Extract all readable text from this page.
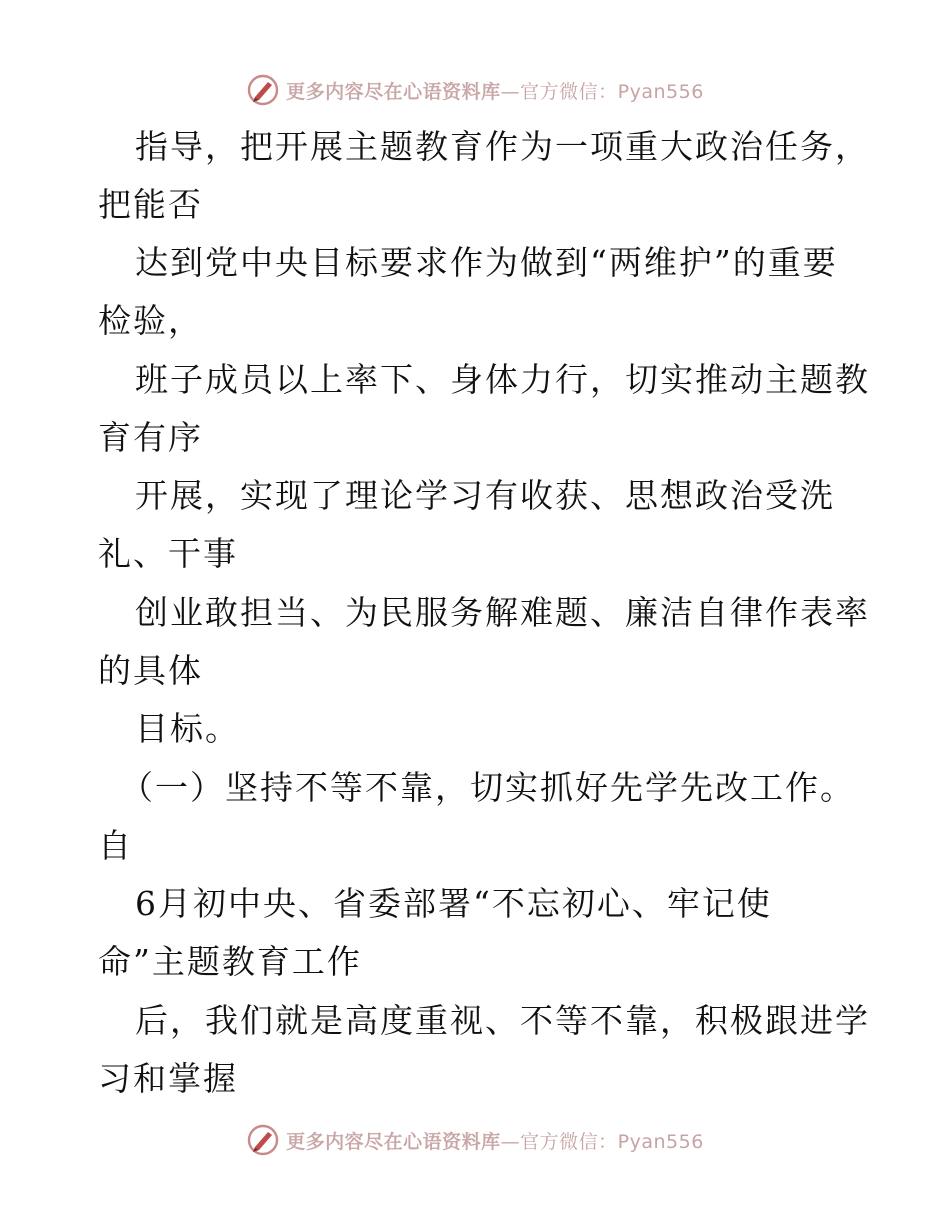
更多内容尽在心语资料库—官方微信：Pyan556
指导，把开展主题教育作为一项重大政治任务，
把能否
达到党中央目标要求作为做到“两维护”的重要
检验，
班子成员以上率下、身体力行，切实推动主题教
育有序
开展，实现了理论学习有收获、思想政治受洗
礼、干事
创业敢担当、为民服务解难题、廉洁自律作表率
的具体
目标。
（一）坚持不等不靠，切实抓好先学先改工作。
自
6月初中央、省委部署“不忘初心、牢记使
命”主题教育工作
后，我们就是高度重视、不等不靠，积极跟进学
习和掌握
更多内容尽在心语资料库—官方微信：Pyan556
